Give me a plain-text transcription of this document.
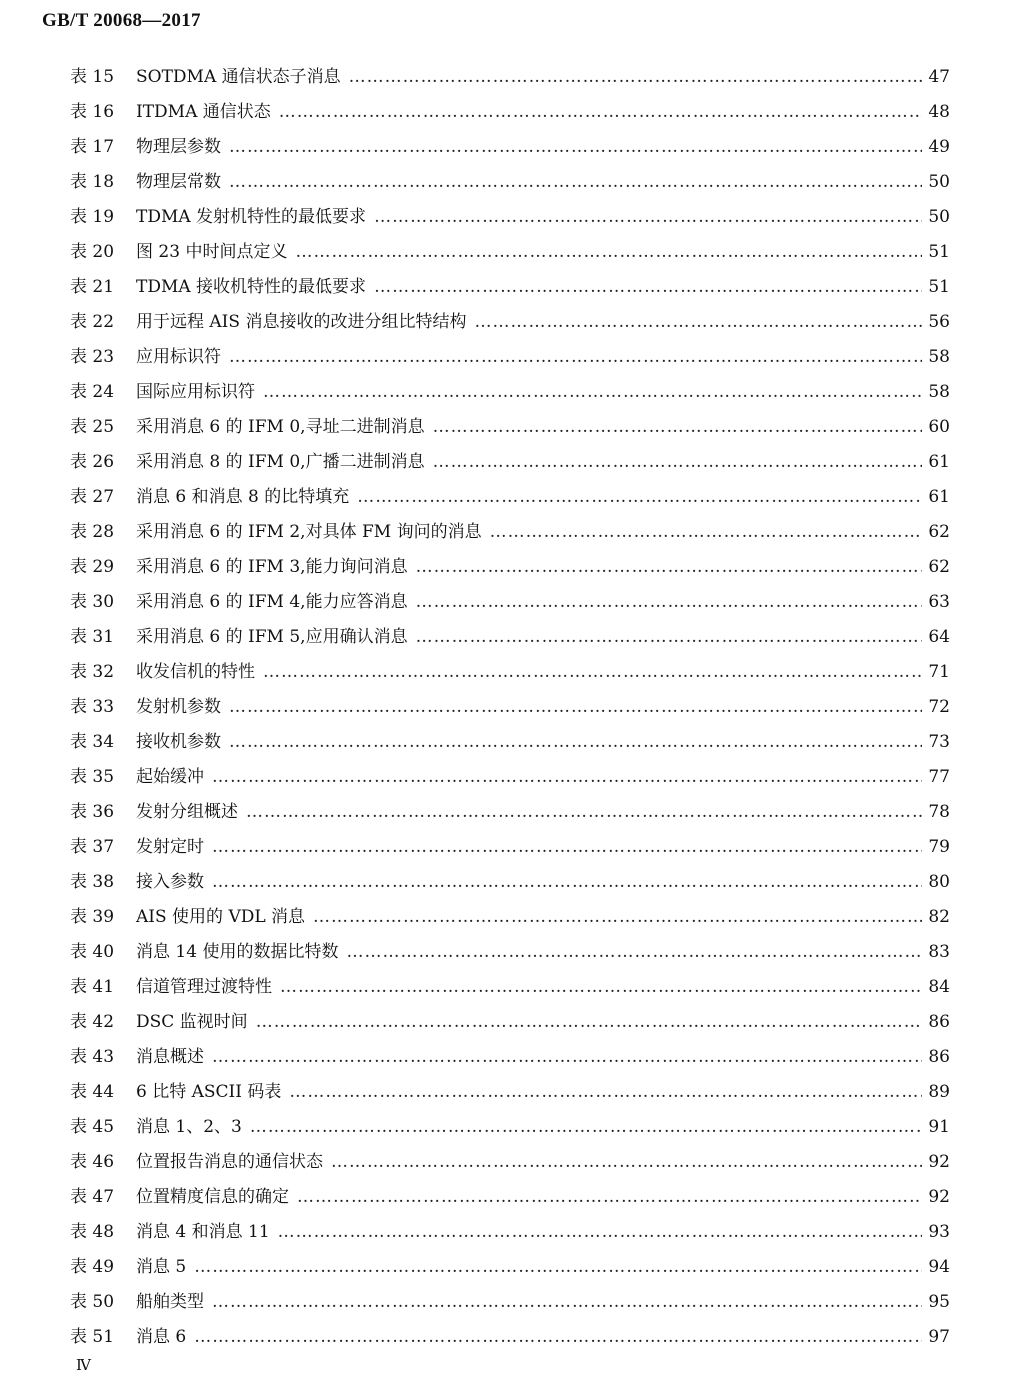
GB/T 20068—2017
表 15	SOTDMA 通信状态子消息 ……………………………………………………………………………………………………………………………………………………………………………………………………………………………………	47
表 16	ITDMA 通信状态 ……………………………………………………………………………………………………………………………………………………………………………………………………………………………………	48
表 17	物理层参数 ……………………………………………………………………………………………………………………………………………………………………………………………………………………………………	49
表 18	物理层常数 ……………………………………………………………………………………………………………………………………………………………………………………………………………………………………	50
表 19	TDMA 发射机特性的最低要求 ……………………………………………………………………………………………………………………………………………………………………………………………………………………………………	50
表 20	图 23 中时间点定义 ……………………………………………………………………………………………………………………………………………………………………………………………………………………………………	51
表 21	TDMA 接收机特性的最低要求 ……………………………………………………………………………………………………………………………………………………………………………………………………………………………………	51
表 22	用于远程 AIS 消息接收的改进分组比特结构 ……………………………………………………………………………………………………………………………………………………………………………………………………………………………………	56
表 23	应用标识符 ……………………………………………………………………………………………………………………………………………………………………………………………………………………………………	58
表 24	国际应用标识符 ……………………………………………………………………………………………………………………………………………………………………………………………………………………………………	58
表 25	采用消息 6 的 IFM 0,寻址二进制消息 ……………………………………………………………………………………………………………………………………………………………………………………………………………………………………	60
表 26	采用消息 8 的 IFM 0,广播二进制消息 ……………………………………………………………………………………………………………………………………………………………………………………………………………………………………	61
表 27	消息 6 和消息 8 的比特填充 ……………………………………………………………………………………………………………………………………………………………………………………………………………………………………	61
表 28	采用消息 6 的 IFM 2,对具体 FM 询问的消息 ……………………………………………………………………………………………………………………………………………………………………………………………………………………………………	62
表 29	采用消息 6 的 IFM 3,能力询问消息 ……………………………………………………………………………………………………………………………………………………………………………………………………………………………………	62
表 30	采用消息 6 的 IFM 4,能力应答消息 ……………………………………………………………………………………………………………………………………………………………………………………………………………………………………	63
表 31	采用消息 6 的 IFM 5,应用确认消息 ……………………………………………………………………………………………………………………………………………………………………………………………………………………………………	64
表 32	收发信机的特性 ……………………………………………………………………………………………………………………………………………………………………………………………………………………………………	71
表 33	发射机参数 ……………………………………………………………………………………………………………………………………………………………………………………………………………………………………	72
表 34	接收机参数 ……………………………………………………………………………………………………………………………………………………………………………………………………………………………………	73
表 35	起始缓冲 ……………………………………………………………………………………………………………………………………………………………………………………………………………………………………	77
表 36	发射分组概述 ……………………………………………………………………………………………………………………………………………………………………………………………………………………………………	78
表 37	发射定时 ……………………………………………………………………………………………………………………………………………………………………………………………………………………………………	79
表 38	接入参数 ……………………………………………………………………………………………………………………………………………………………………………………………………………………………………	80
表 39	AIS 使用的 VDL 消息 ……………………………………………………………………………………………………………………………………………………………………………………………………………………………………	82
表 40	消息 14 使用的数据比特数 ……………………………………………………………………………………………………………………………………………………………………………………………………………………………………	83
表 41	信道管理过渡特性 ……………………………………………………………………………………………………………………………………………………………………………………………………………………………………	84
表 42	DSC 监视时间 ……………………………………………………………………………………………………………………………………………………………………………………………………………………………………	86
表 43	消息概述 ……………………………………………………………………………………………………………………………………………………………………………………………………………………………………	86
表 44	6 比特 ASCII 码表 ……………………………………………………………………………………………………………………………………………………………………………………………………………………………………	89
表 45	消息 1、2、3 ……………………………………………………………………………………………………………………………………………………………………………………………………………………………………	91
表 46	位置报告消息的通信状态 ……………………………………………………………………………………………………………………………………………………………………………………………………………………………………	92
表 47	位置精度信息的确定 ……………………………………………………………………………………………………………………………………………………………………………………………………………………………………	92
表 48	消息 4 和消息 11 ……………………………………………………………………………………………………………………………………………………………………………………………………………………………………	93
表 49	消息 5 ……………………………………………………………………………………………………………………………………………………………………………………………………………………………………	94
表 50	船舶类型 ……………………………………………………………………………………………………………………………………………………………………………………………………………………………………	95
表 51	消息 6 ……………………………………………………………………………………………………………………………………………………………………………………………………………………………………	97
Ⅳ
